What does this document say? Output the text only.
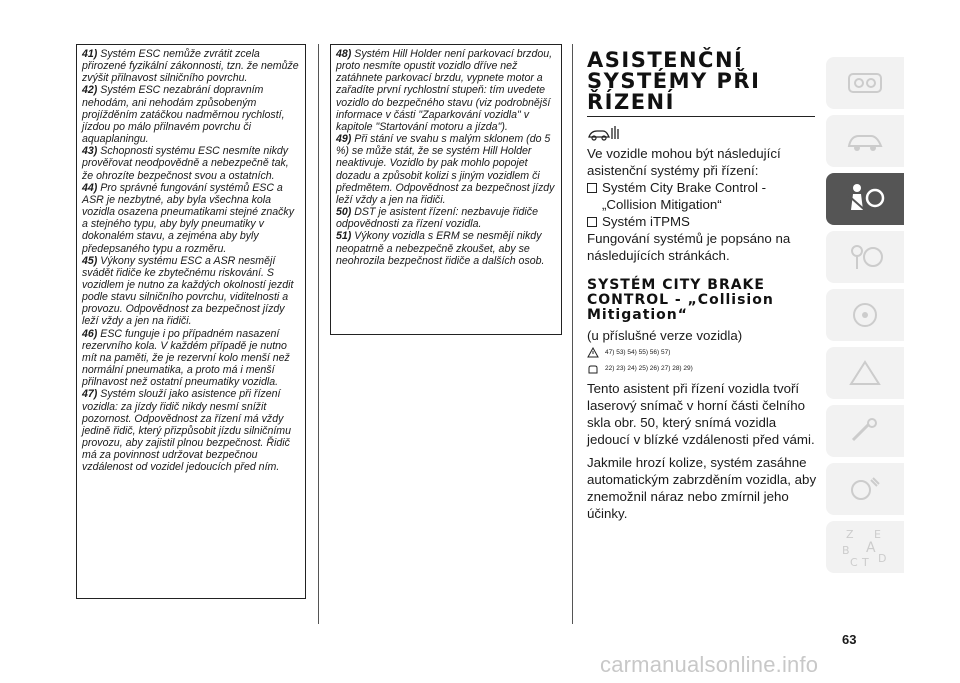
41) Systém ESC nemůže zvrátit zcela přirozené fyzikální zákonnosti, tzn. že nemůže zvýšit přilnavost silničního povrchu.

42) Systém ESC nezabrání dopravním nehodám, ani nehodám způsobeným projížděním zatáčkou nadměrnou rychlostí, jízdou po málo přilnavém povrchu či aquaplaningu.

43) Schopnosti systému ESC nesmíte nikdy prověřovat neodpovědně a nebezpečně tak, že ohrozíte bezpečnost svou a ostatních.

44) Pro správné fungování systémů ESC a ASR je nezbytné, aby byla všechna kola vozidla osazena pneumatikami stejné značky a stejného typu, aby byly pneumatiky v dokonalém stavu, a zejména aby byly předepsaného typu a rozměru.

45) Výkony systému ESC a ASR nesmějí svádět řidiče ke zbytečnému riskování. S vozidlem je nutno za každých okolností jezdit podle stavu silničního povrchu, viditelnosti a provozu. Odpovědnost za bezpečnost jízdy leží vždy a jen na řidiči.

46) ESC funguje i po případném nasazení rezervního kola. V každém případě je nutno mít na paměti, že je rezervní kolo menší než normální pneumatika, a proto má i menší přilnavost než ostatní pneumatiky vozidla.

47) Systém slouží jako asistence při řízení vozidla: za jízdy řidič nikdy nesmí snížit pozornost. Odpovědnost za řízení má vždy jedině řidič, který přizpůsobit jízdu silničnímu provozu, aby zajistil plnou bezpečnost. Řidič má za povinnost udržovat bezpečnou vzdálenost od vozidel jedoucích před ním.

48) Systém Hill Holder není parkovací brzdou, proto nesmíte opustit vozidlo dříve než zatáhnete parkovací brzdu, vypnete motor a zařadíte první rychlostní stupeň: tím uvedete vozidlo do bezpečného stavu (viz podrobnější informace v části "Zaparkování vozidla" v kapitole "Startování motoru a jízda").

49) Při stání ve svahu s malým sklonem (do 5 %) se může stát, že se systém Hill Holder neaktivuje. Vozidlo by pak mohlo popojet dozadu a způsobit kolizi s jiným vozidlem či předmětem. Odpovědnost za bezpečnost jízdy leží vždy a jen na řidiči.

50) DST je asistent řízení: nezbavuje řidiče odpovědnosti za řízení vozidla.

51) Výkony vozidla s ERM se nesmějí nikdy neopatrně a nebezpečně zkoušet, aby se neohrozila bezpečnost řidiče a dalších osob.

ASISTENČNÍ
SYSTÉMY PŘI
ŘÍZENÍ

Ve vozidle mohou být následující asistenční systémy při řízení:

Systém City Brake Control - „Collision Mitigation“
Systém iTPMS

Fungování systémů je popsáno na následujících stránkách.

SYSTÉM CITY BRAKE
CONTROL - „Collision
Mitigation“

(u příslušné verze vozidla)

47) 53) 54) 55) 56) 57)
22) 23) 24) 25) 26) 27) 28) 29)

Tento asistent při řízení vozidla tvoří laserový snímač v horní části čelního skla obr. 50, který snímá vozidla jedoucí v blízké vzdálenosti před vámi.

Jakmile hrozí kolize, systém zasáhne automatickým zabrzděním vozidla, aby znemožnil náraz nebo zmírnil jeho účinky.

Z
B
C T
A
E
D
63
carmanualsonline.info
